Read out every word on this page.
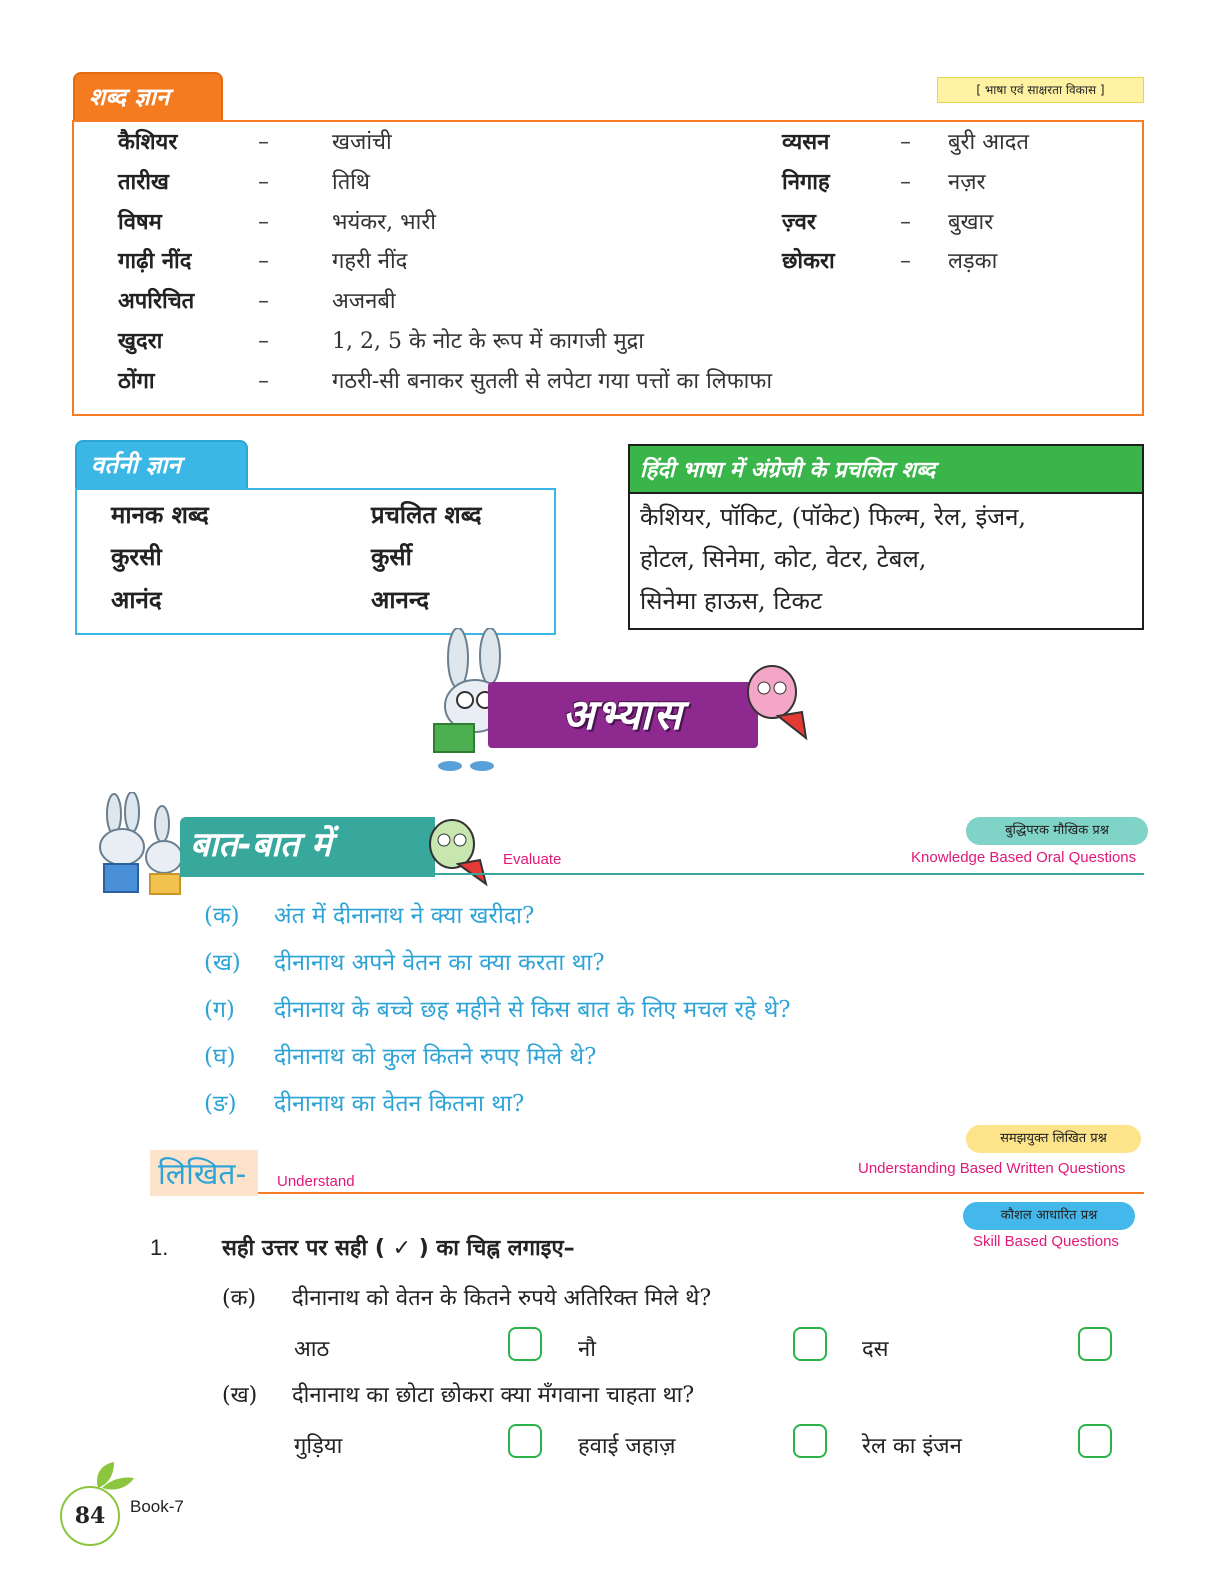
शब्द ज्ञान	[ भाषा एवं साक्षरता विकास ]
कैशियर	–	खजांची
तारीख	–	तिथि
विषम	–	भयंकर, भारी
गाढ़ी नींद	–	गहरी नींद
अपरिचित	–	अजनबी
खुदरा	–	1, 2, 5 के नोट के रूप में कागजी मुद्रा
ठोंगा	–	गठरी-सी बनाकर सुतली से लपेटा गया पत्तों का लिफाफा
व्यसन	– बुरी आदत
निगाह	– नज़र
ज़्वर	– बुखार
छोकरा	– लड़का
वर्तनी ज्ञान
मानक शब्द	प्रचलित शब्द
कुरसी	कुर्सी
आनंद	आनन्द
हिंदी भाषा में अंग्रेजी के प्रचलित शब्द
कैशियर, पॉकिट, (पॉकेट) फिल्म, रेल, इंजन,
होटल, सिनेमा, कोट, वेटर, टेबल,
सिनेमा हाऊस, टिकट
अभ्यास
बात-बात में	Evaluate
बुद्धिपरक मौखिक प्रश्न
Knowledge Based Oral Questions
(क) अंत में दीनानाथ ने क्या खरीदा?
(ख) दीनानाथ अपने वेतन का क्या करता था?
(ग) दीनानाथ के बच्चे छह महीने से किस बात के लिए मचल रहे थे?
(घ) दीनानाथ को कुल कितने रुपए मिले थे?
(ङ) दीनानाथ का वेतन कितना था?
लिखित- Understand
समझयुक्त लिखित प्रश्न
Understanding Based Written Questions
कौशल आधारित प्रश्न
Skill Based Questions
1. सही उत्तर पर सही ( ✓ ) का चिह्न लगाइए–
(क) दीनानाथ को वेतन के कितने रुपये अतिरिक्त मिले थे?
आठ	नौ	दस
(ख) दीनानाथ का छोटा छोकरा क्या मँगवाना चाहता था?
गुड़िया	हवाई जहाज़	रेल का इंजन
84	Book-7
